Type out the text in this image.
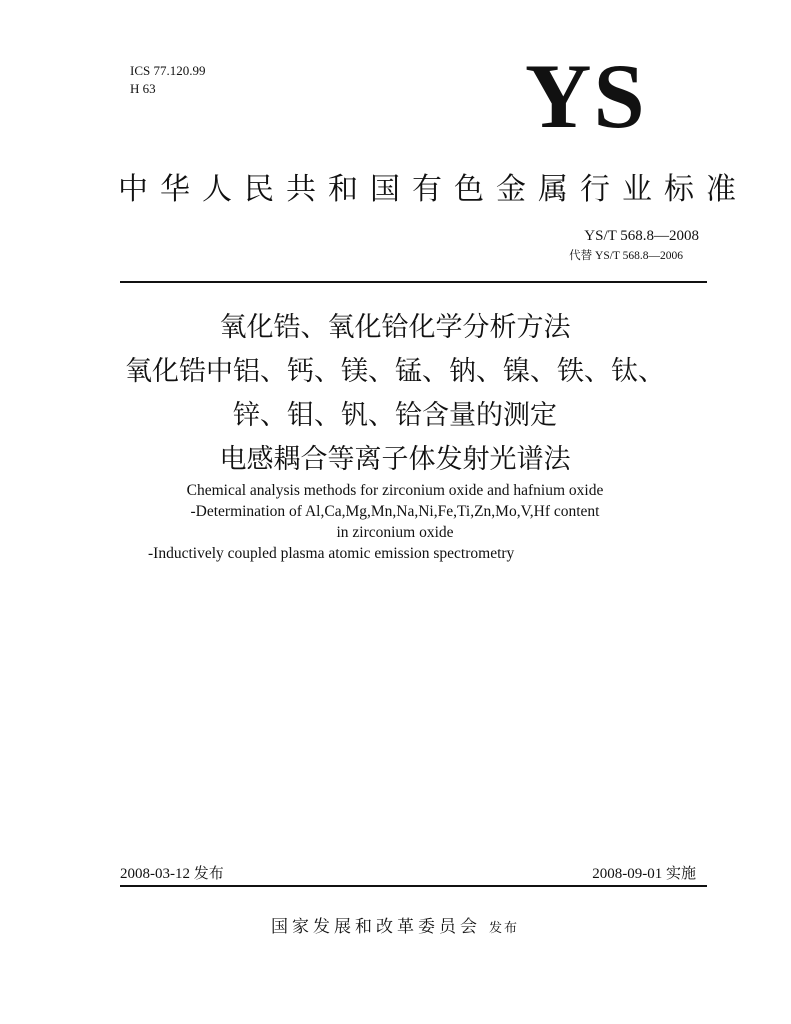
ICS 77.120.99
H 63	YS
中华人民共和国有色金属行业标准
YS/T 568.8—2008
代替 YS/T 568.8—2006
氧化锆、氧化铪化学分析方法
氧化锆中铝、钙、镁、锰、钠、镍、铁、钛、
锌、钼、钒、铪含量的测定
电感耦合等离子体发射光谱法
Chemical analysis methods for zirconium oxide and hafnium oxide
-Determination of Al,Ca,Mg,Mn,Na,Ni,Fe,Ti,Zn,Mo,V,Hf content
in zirconium oxide
-Inductively coupled plasma atomic emission spectrometry
2008-03-12 发布	2008-09-01 实施
国家发展和改革委员会 发布
